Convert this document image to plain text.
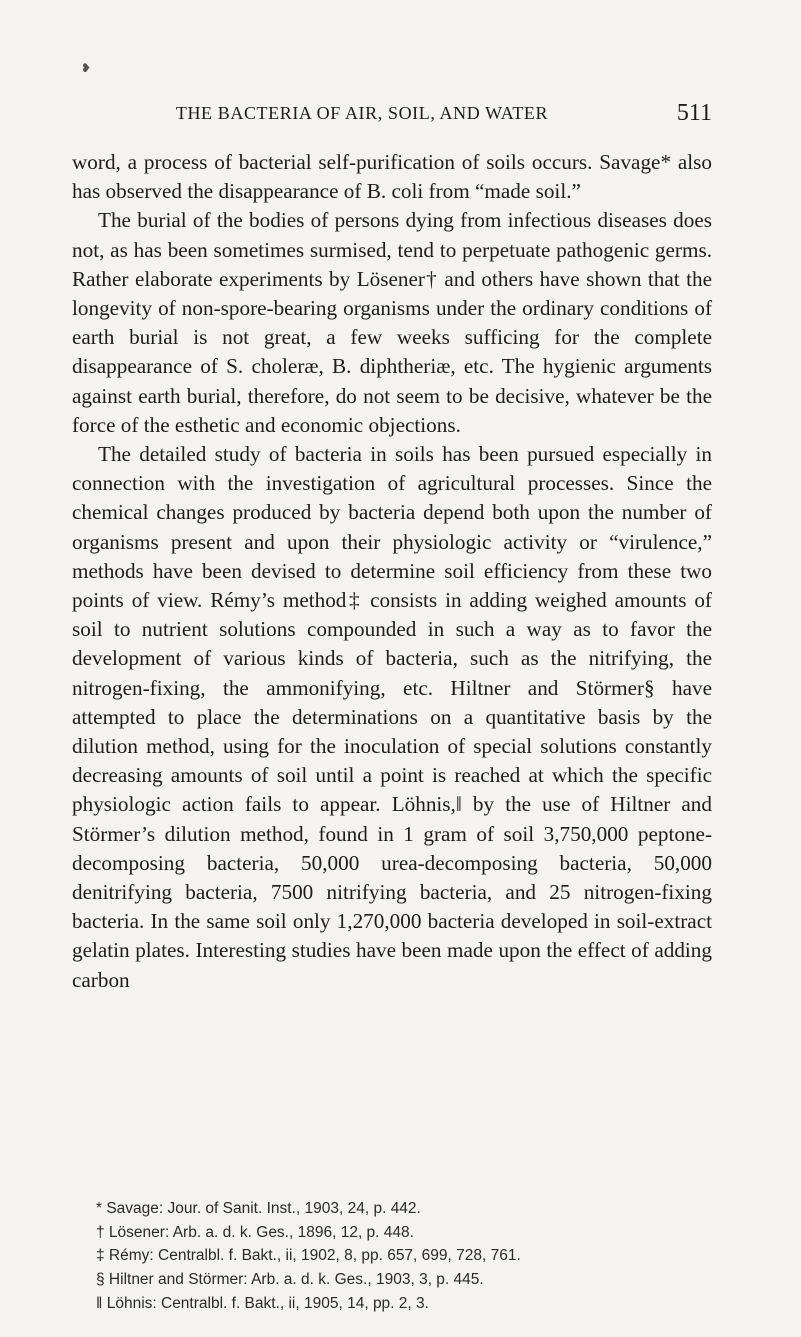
❥
THE BACTERIA OF AIR, SOIL, AND WATER	511

word, a process of bacterial self-purification of soils occurs. Savage* also has observed the disappearance of B. coli from “made soil.”

The burial of the bodies of persons dying from infectious diseases does not, as has been sometimes surmised, tend to perpetuate pathogenic germs. Rather elaborate experiments by Lösener† and others have shown that the longevity of non-spore-bearing organisms under the ordinary conditions of earth burial is not great, a few weeks sufficing for the complete disappearance of S. choleræ, B. diphtheriæ, etc. The hygienic arguments against earth burial, therefore, do not seem to be decisive, whatever be the force of the esthetic and economic objections.

The detailed study of bacteria in soils has been pursued especially in connection with the investigation of agricultural processes. Since the chemical changes produced by bacteria depend both upon the number of organisms present and upon their physiologic activity or “virulence,” methods have been devised to determine soil efficiency from these two points of view. Rémy’s method‡ consists in adding weighed amounts of soil to nutrient solutions compounded in such a way as to favor the development of various kinds of bacteria, such as the nitrifying, the nitrogen-fixing, the ammonifying, etc. Hiltner and Störmer§ have attempted to place the determinations on a quantitative basis by the dilution method, using for the inoculation of special solutions constantly decreasing amounts of soil until a point is reached at which the specific physiologic action fails to appear. Löhnis,‖ by the use of Hiltner and Störmer’s dilution method, found in 1 gram of soil 3,750,000 peptone-decomposing bacteria, 50,000 urea-decomposing bacteria, 50,000 denitrifying bacteria, 7500 nitrifying bacteria, and 25 nitrogen-fixing bacteria. In the same soil only 1,270,000 bacteria developed in soil-extract gelatin plates. Interesting studies have been made upon the effect of adding carbon

* Savage: Jour. of Sanit. Inst., 1903, 24, p. 442.
† Lösener: Arb. a. d. k. Ges., 1896, 12, p. 448.
‡ Rémy: Centralbl. f. Bakt., ii, 1902, 8, pp. 657, 699, 728, 761.
§ Hiltner and Störmer: Arb. a. d. k. Ges., 1903, 3, p. 445.
‖ Löhnis: Centralbl. f. Bakt., ii, 1905, 14, pp. 2, 3.
